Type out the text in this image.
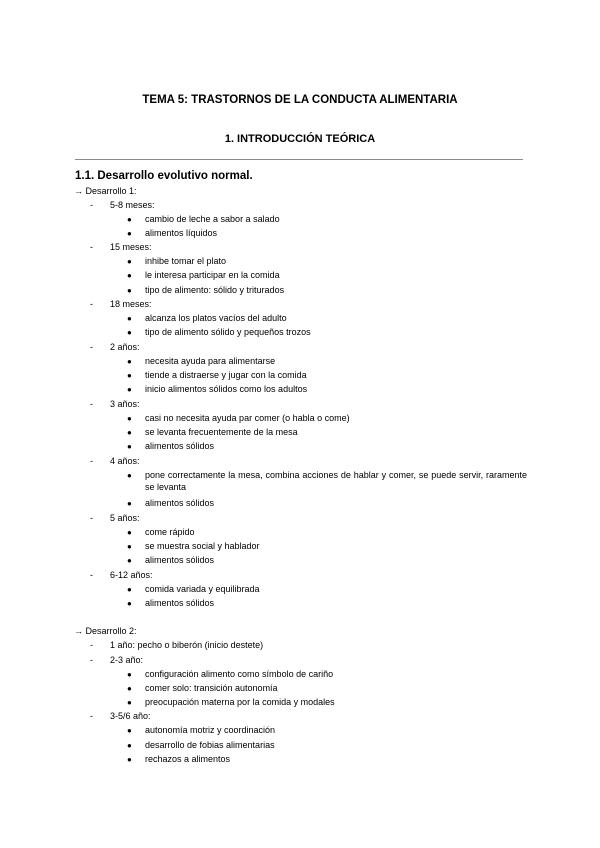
TEMA 5: TRASTORNOS DE LA CONDUCTA ALIMENTARIA
1. INTRODUCCIÓN TEÓRICA
1.1. Desarrollo evolutivo normal.
→ Desarrollo 1:
-	5-8 meses:
● cambio de leche a sabor a salado
● alimentos líquidos
-	15 meses:
● inhibe tomar el plato
● le interesa participar en la comida
● tipo de alimento: sólido y triturados
-	18 meses:
● alcanza los platos vacíos del adulto
● tipo de alimento sólido y pequeños trozos
-	2 años:
● necesita ayuda para alimentarse
● tiende a distraerse y jugar con la comida
● inicio alimentos sólidos como los adultos
-	3 años:
● casi no necesita ayuda par comer (o habla o come)
● se levanta frecuentemente de la mesa
● alimentos sólidos
-	4 años:
● pone correctamente la mesa, combina acciones de hablar y comer, se puede servir, raramente se levanta
● alimentos sólidos
-	5 años:
● come rápido
● se muestra social y hablador
● alimentos sólidos
-	6-12 años:
● comida variada y equilibrada
● alimentos sólidos
→ Desarrollo 2:
-	1 año: pecho o biberón (inicio destete)
-	2-3 año:
● configuración alimento como símbolo de cariño
● comer solo: transición autonomía
● preocupación materna por la comida y modales
-	3-5/6 año:
● autonomía motriz y coordinación
● desarrollo de fobias alimentarias
● rechazos a alimentos
